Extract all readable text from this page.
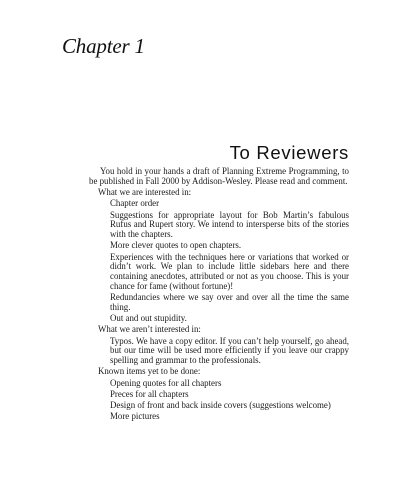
Chapter 1
To Reviewers

You hold in your hands a draft of Planning Extreme Programming, to be published in Fall 2000 by Addison-Wesley. Please read and comment.

What we are interested in:

Chapter order

Suggestions for appropriate layout for Bob Martin’s fabulous Rufus and Rupert story. We intend to intersperse bits of the stories with the chapters.

More clever quotes to open chapters.

Experiences with the techniques here or variations that worked or didn’t work. We plan to include little sidebars here and there containing anecdotes, attributed or not as you choose. This is your chance for fame (without fortune)!

Redundancies where we say over and over all the time the same thing.

Out and out stupidity.

What we aren’t interested in:

Typos. We have a copy editor. If you can’t help yourself, go ahead, but our time will be used more efficiently if you leave our crappy spelling and grammar to the professionals.

Known items yet to be done:

Opening quotes for all chapters

Preces for all chapters

Design of front and back inside covers (suggestions welcome)

More pictures
